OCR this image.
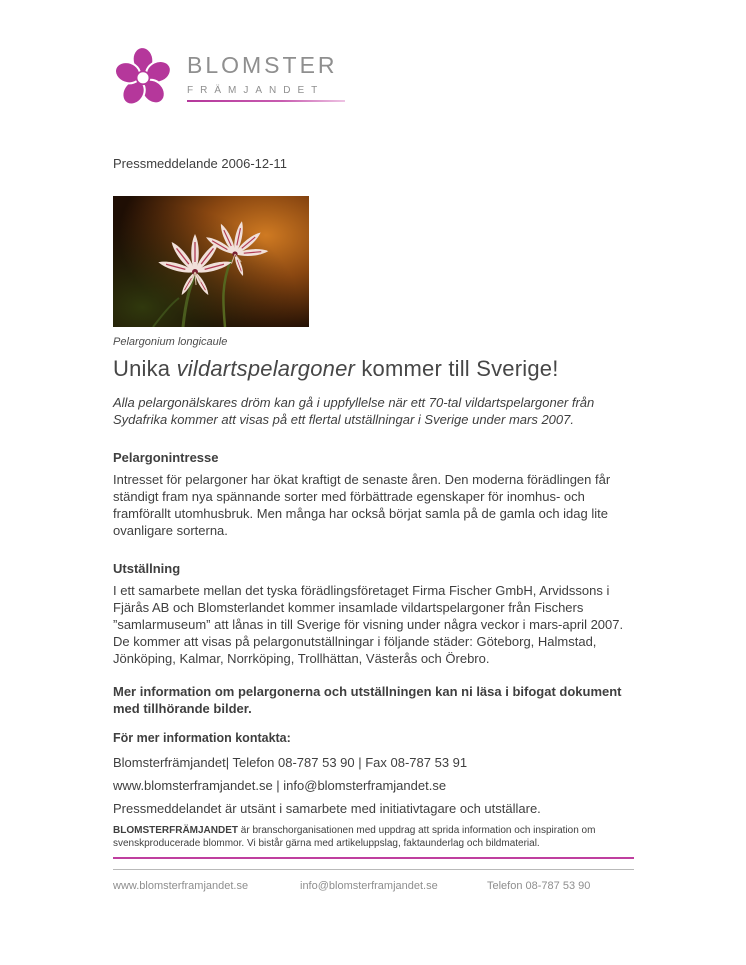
BLOMSTER
FRÄMJANDET
Pressmeddelande 2006-12-11
Pelargonium longicaule
Unika vildartspelargoner kommer till Sverige!

Alla pelargonälskares dröm kan gå i uppfyllelse när ett 70-tal vildartspelargoner från Sydafrika kommer att visas på ett flertal utställningar i Sverige under mars 2007.

Pelargonintresse

Intresset för pelargoner har ökat kraftigt de senaste åren. Den moderna förädlingen får ständigt fram nya spännande sorter med förbättrade egenskaper för inomhus- och framförallt utomhusbruk. Men många har också börjat samla på de gamla och idag lite ovanligare sorterna.

Utställning

I ett samarbete mellan det tyska förädlingsföretaget Firma Fischer GmbH, Arvidssons i Fjärås AB och Blomsterlandet kommer insamlade vildartspelargoner från Fischers ”samlarmuseum” att lånas in till Sverige för visning under några veckor i mars-april 2007. De kommer att visas på pelargonutställningar i följande städer: Göteborg, Halmstad, Jönköping, Kalmar, Norrköping, Trollhättan, Västerås och Örebro.

Mer information om pelargonerna och utställningen kan ni läsa i bifogat dokument med tillhörande bilder.

För mer information kontakta:

Blomsterfrämjandet| Telefon 08-787 53 90 | Fax 08-787 53 91

www.blomsterframjandet.se | info@blomsterframjandet.se

Pressmeddelandet är utsänt i samarbete med initiativtagare och utställare.

BLOMSTERFRÄMJANDET är branschorganisationen med uppdrag att sprida information och inspiration om svenskproducerade blommor. Vi bistår gärna med artikeluppslag, faktaunderlag och bildmaterial.

www.blomsterframjandet.se	info@blomsterframjandet.se	Telefon 08-787 53 90
